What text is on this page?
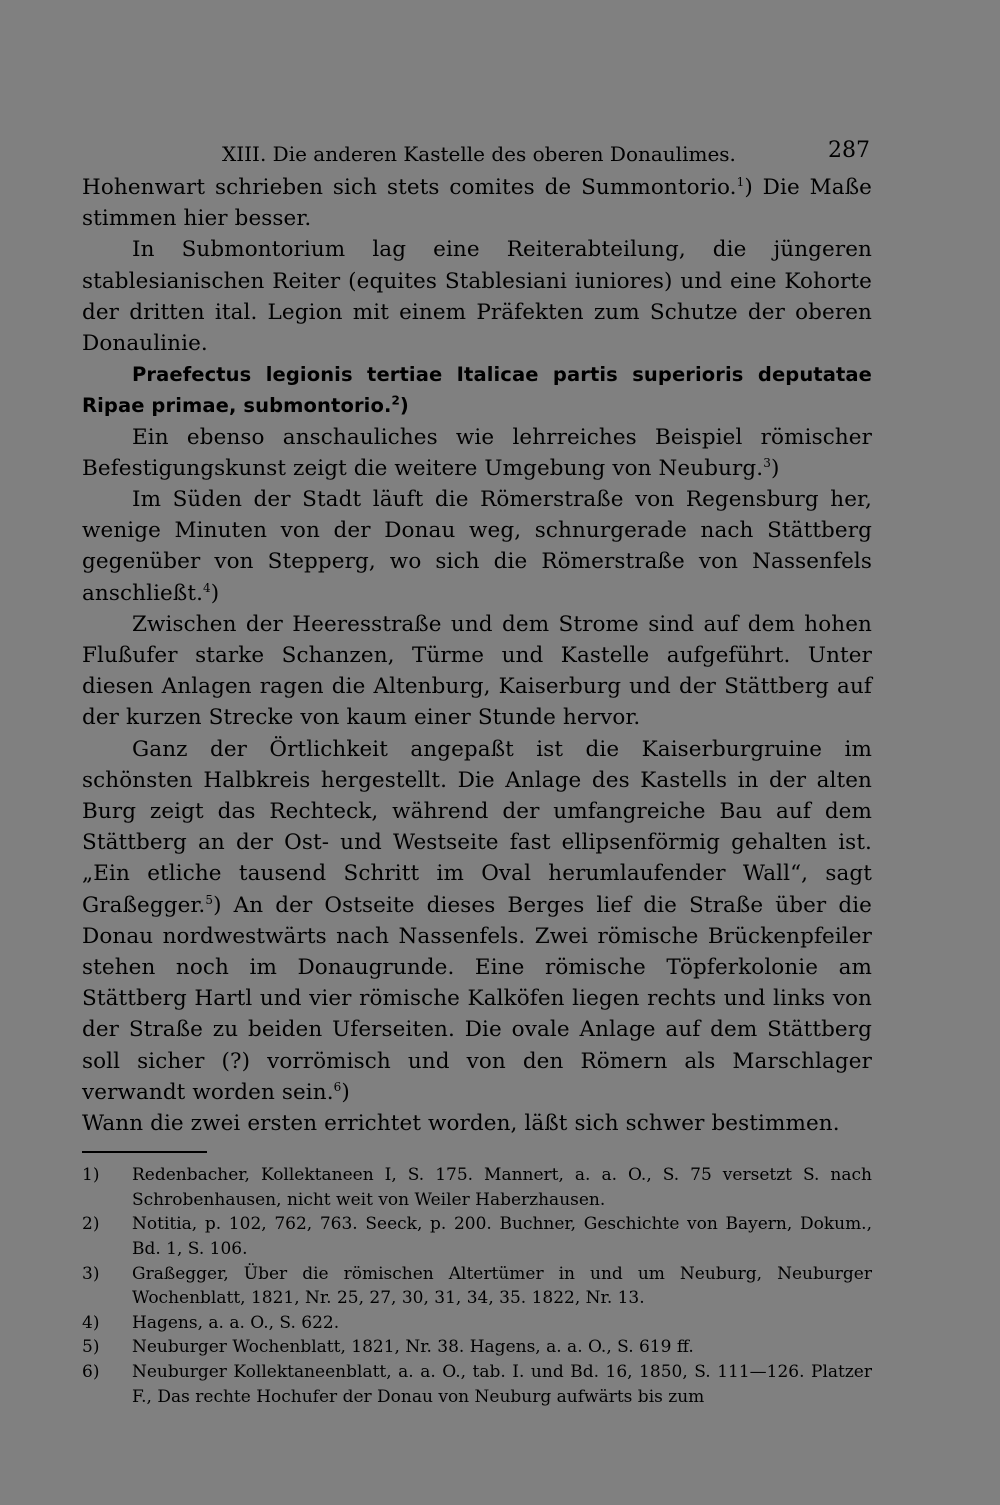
XIII. Die anderen Kastelle des oberen Donaulimes.	287

Hohenwart schrieben sich stets comites de Summontorio.$^1$) Die Maße stimmen hier besser.

In Submontorium lag eine Reiterabteilung, die jüngeren stablesianischen Reiter (equites Stablesiani iuniores) und eine Kohorte der dritten ital. Legion mit einem Präfekten zum Schutze der oberen Donaulinie.

Praefectus legionis tertiae Italicae partis superioris deputatae Ripae primae, submontorio.$^2$)

Ein ebenso anschauliches wie lehrreiches Beispiel römischer Befestigungskunst zeigt die weitere Umgebung von Neuburg.$^3$)

Im Süden der Stadt läuft die Römerstraße von Regensburg her, wenige Minuten von der Donau weg, schnurgerade nach Stättberg gegenüber von Stepperg, wo sich die Römerstraße von Nassenfels anschließt.$^4$)

Zwischen der Heeresstraße und dem Strome sind auf dem hohen Flußufer starke Schanzen, Türme und Kastelle aufgeführt. Unter diesen Anlagen ragen die Altenburg, Kaiserburg und der Stättberg auf der kurzen Strecke von kaum einer Stunde hervor.

Ganz der Örtlichkeit angepaßt ist die Kaiserburgruine im schönsten Halbkreis hergestellt. Die Anlage des Kastells in der alten Burg zeigt das Rechteck, während der umfangreiche Bau auf dem Stättberg an der Ost- und Westseite fast ellipsenförmig gehalten ist. „Ein etliche tausend Schritt im Oval herumlaufender Wall“, sagt Graßegger.$^5$) An der Ostseite dieses Berges lief die Straße über die Donau nordwestwärts nach Nassenfels. Zwei römische Brückenpfeiler stehen noch im Donaugrunde. Eine römische Töpferkolonie am Stättberg Hartl und vier römische Kalköfen liegen rechts und links von der Straße zu beiden Uferseiten. Die ovale Anlage auf dem Stättberg soll sicher (?) vorrömisch und von den Römern als Marschlager verwandt worden sein.$^6$)

Wann die zwei ersten errichtet worden, läßt sich schwer bestimmen.

1) Redenbacher, Kollektaneen I, S. 175. Mannert, a. a. O., S. 75 versetzt S. nach Schrobenhausen, nicht weit von Weiler Haberzhausen.
2) Notitia, p. 102, 762, 763. Seeck, p. 200. Buchner, Geschichte von Bayern, Dokum., Bd. 1, S. 106.
3) Graßegger, Über die römischen Altertümer in und um Neuburg, Neuburger Wochenblatt, 1821, Nr. 25, 27, 30, 31, 34, 35. 1822, Nr. 13.
4) Hagens, a. a. O., S. 622.
5) Neuburger Wochenblatt, 1821, Nr. 38. Hagens, a. a. O., S. 619 ff.
6) Neuburger Kollektaneenblatt, a. a. O., tab. I. und Bd. 16, 1850, S. 111—126. Platzer F., Das rechte Hochufer der Donau von Neuburg aufwärts bis zum
